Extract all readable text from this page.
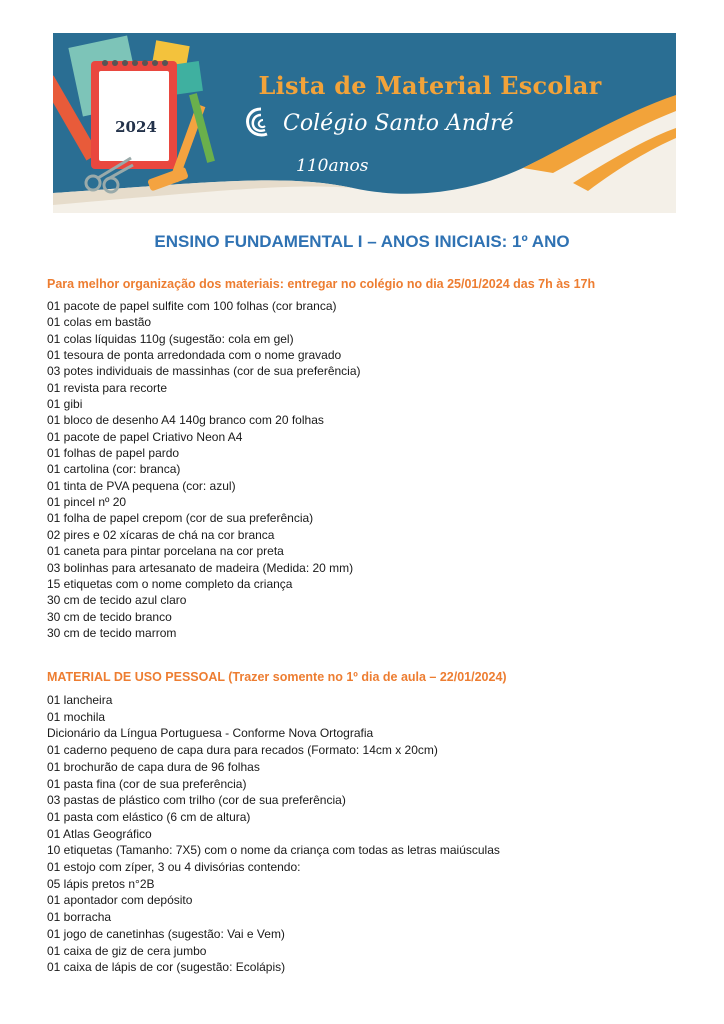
2024
Lista de Material Escolar
Colégio Santo André
110anos
ENSINO FUNDAMENTAL I – ANOS INICIAIS: 1º ANO
Para melhor organização dos materiais: entregar no colégio no dia 25/01/2024 das 7h às 17h
01 pacote de papel sulfite com 100 folhas (cor branca)
01 colas em bastão
01 colas líquidas 110g (sugestão: cola em gel)
01 tesoura de ponta arredondada com o nome gravado
03 potes individuais de massinhas (cor de sua preferência)
01 revista para recorte
01 gibi
01 bloco de desenho A4 140g branco com 20 folhas
01 pacote de papel Criativo Neon A4
01 folhas de papel pardo
01 cartolina (cor: branca)
01 tinta de PVA pequena (cor: azul)
01 pincel nº 20
01 folha de papel crepom (cor de sua preferência)
02 pires e 02 xícaras de chá na cor branca
01 caneta para pintar porcelana na cor preta
03 bolinhas para artesanato de madeira (Medida: 20 mm)
15 etiquetas com o nome completo da criança
30 cm de tecido azul claro
30 cm de tecido branco
30 cm de tecido marrom
MATERIAL DE USO PESSOAL (Trazer somente no 1º dia de aula – 22/01/2024)
01 lancheira
01 mochila
Dicionário da Língua Portuguesa - Conforme Nova Ortografia
01 caderno pequeno de capa dura para recados (Formato: 14cm x 20cm)
01 brochurão de capa dura de 96 folhas
01 pasta fina (cor de sua preferência)
03 pastas de plástico com trilho (cor de sua preferência)
01 pasta com elástico (6 cm de altura)
01 Atlas Geográfico
10 etiquetas (Tamanho: 7X5) com o nome da criança com todas as letras maiúsculas
01 estojo com zíper, 3 ou 4 divisórias contendo:
05 lápis pretos n°2B
01 apontador com depósito
01 borracha
01 jogo de canetinhas (sugestão: Vai e Vem)
01 caixa de giz de cera jumbo
01 caixa de lápis de cor (sugestão: Ecolápis)
